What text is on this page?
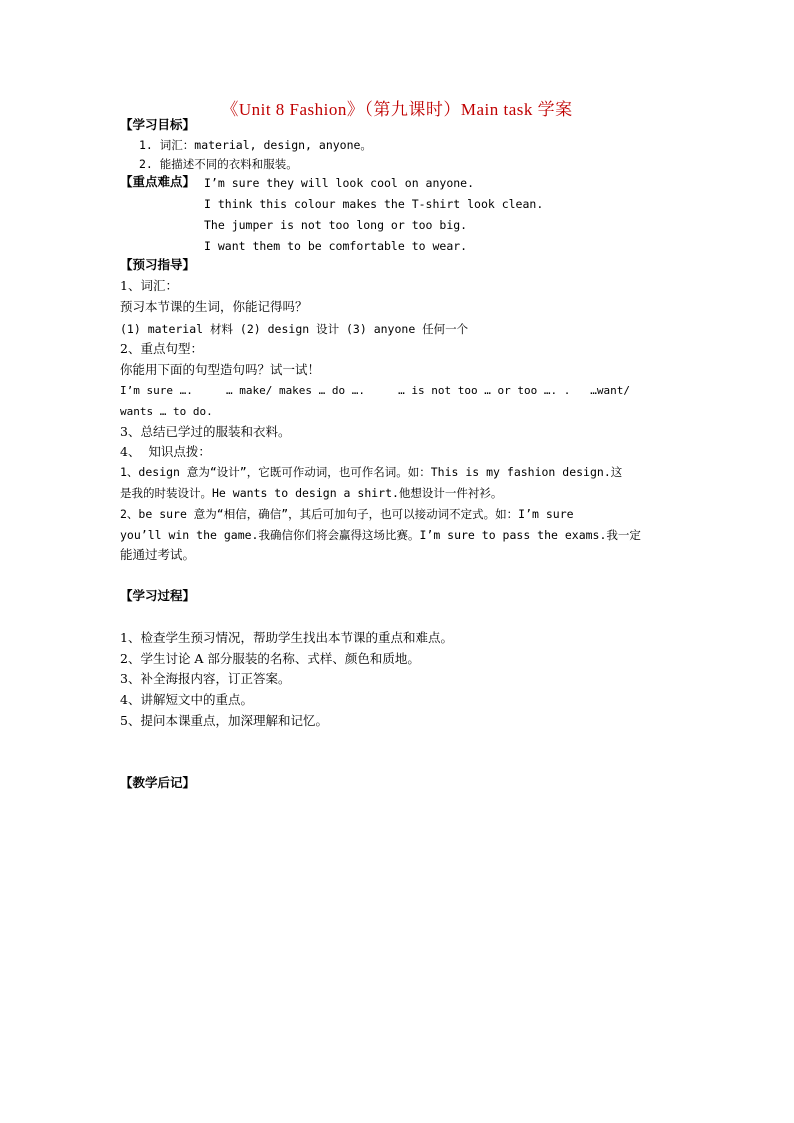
《Unit 8 Fashion》（第九课时）Main task 学案
【学习目标】
1. 词汇：material, design, anyone。
2. 能描述不同的衣料和服装。
【重点难点】 I’m sure they will look cool on anyone.
I think this colour makes the T-shirt look clean.
The jumper is not too long or too big.
I want them to be comfortable to wear.
【预习指导】
1、词汇：
预习本节课的生词，你能记得吗？
(1) material 材料 (2) design 设计 (3) anyone 任何一个
2、重点句型：
你能用下面的句型造句吗？试一试！
I’m sure ….     … make/ makes … do ….     … is not too … or too …. .   …want/
wants … to do.
3、总结已学过的服装和衣料。
4、  知识点拨：
1、design 意为“设计”，它既可作动词，也可作名词。如：This is my fashion design.这
是我的时装设计。He wants to design a shirt.他想设计一件衬衫。
2、be sure 意为“相信，确信”，其后可加句子，也可以接动词不定式。如：I’m sure
you’ll win the game.我确信你们将会赢得这场比赛。I’m sure to pass the exams.我一定
能通过考试。
【学习过程】
1、检查学生预习情况，帮助学生找出本节课的重点和难点。
2、学生讨论 A 部分服装的名称、式样、颜色和质地。
3、补全海报内容，订正答案。
4、讲解短文中的重点。
5、提问本课重点，加深理解和记忆。
【教学后记】
